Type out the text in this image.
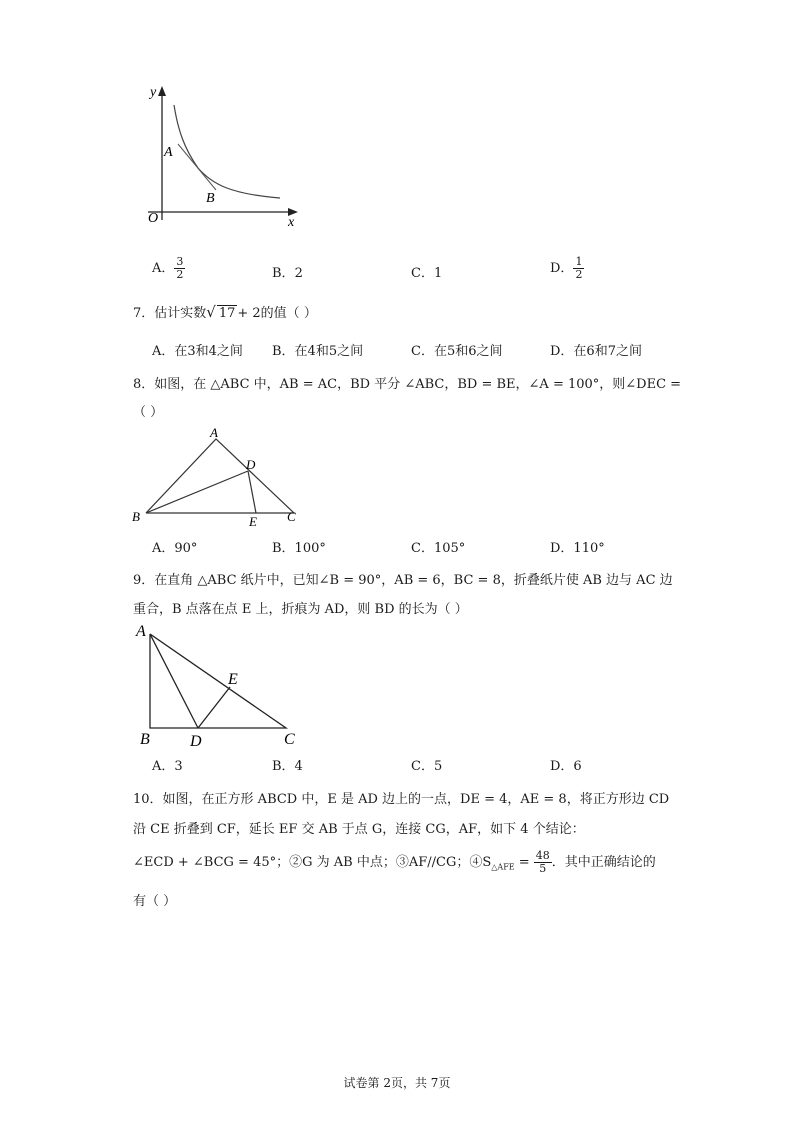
y
x
O
A
B
A． $\frac{3}{2}$	B．2	C．1	D． $\frac{1}{2}$
7．估计实数√ 17 + 2的值（ ）
A．在3和4之间 B．在4和5之间	C．在5和6之间	D．在6和7之间
8．如图，在 △ABC 中，AB = AC，BD 平分 ∠ABC，BD = BE，∠A = 100°，则∠DEC =
（ ）
A
B	C
D
E
A．90°	B．100°	C．105°	D．110°
9．在直角 △ABC 纸片中，已知∠B = 90°，AB = 6，BC = 8，折叠纸片使 AB 边与 AC 边
重合，B 点落在点 E 上，折痕为 AD，则 BD 的长为（ ）
A
B	C
D
E
A．3	B．4	C．5	D．6
10．如图，在正方形 ABCD 中，E 是 AD 边上的一点，DE = 4，AE = 8，将正方形边 CD
沿 CE 折叠到 CF，延长 EF 交 AB 于点 G，连接 CG，AF，如下 4 个结论：
∠ECD + ∠BCG = 45°；②G 为 AB 中点；③AF//CG；$④S_{\triangle AFE} = \frac{48}{5}$ ．其中正确结论的
有（ ）
试卷第 2页，共 7页
